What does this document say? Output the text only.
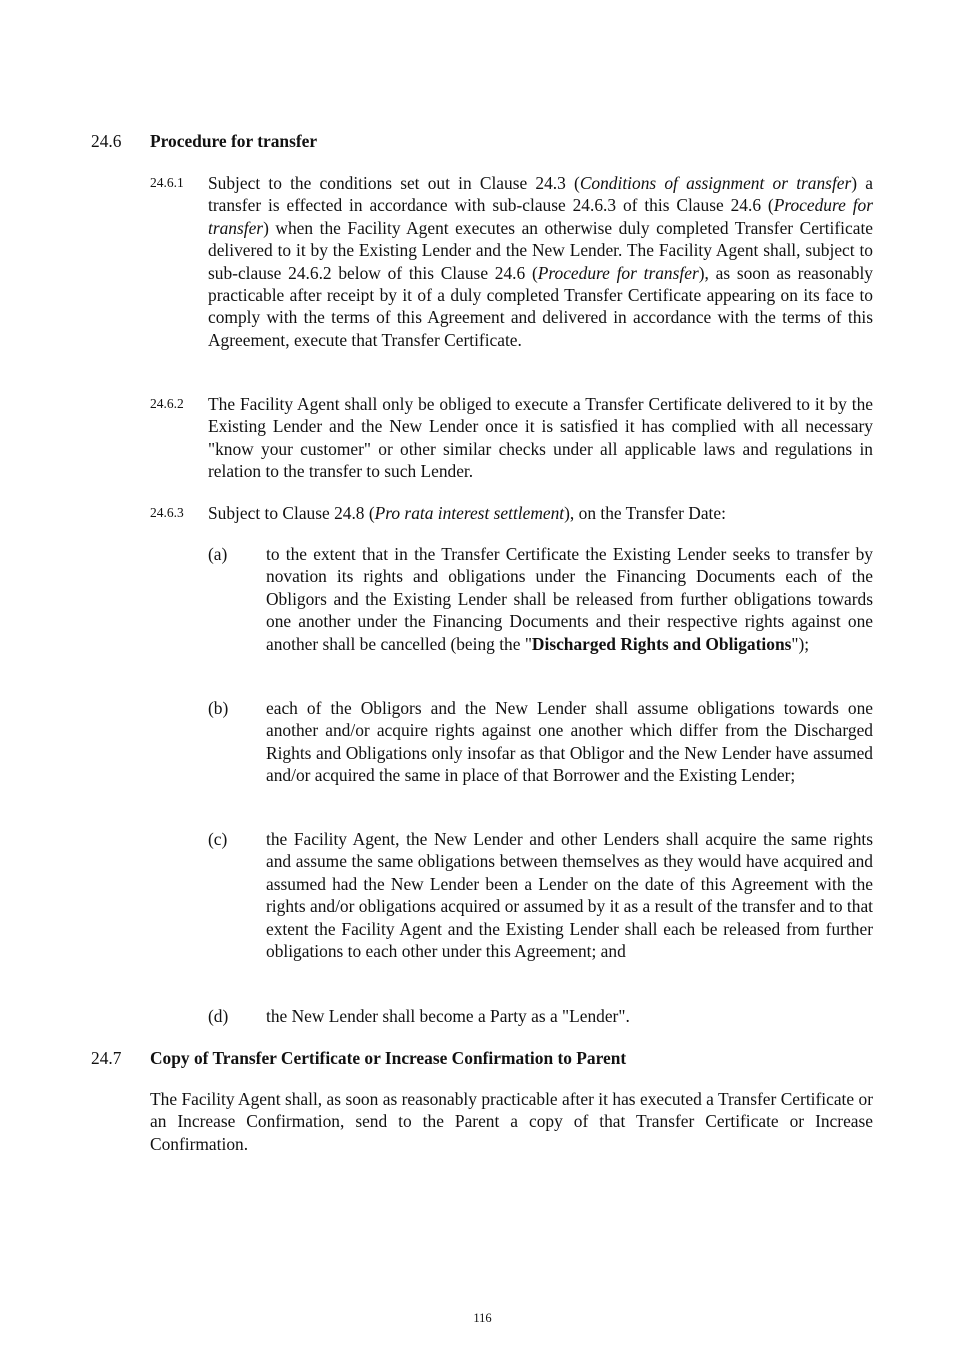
24.6	Procedure for transfer
24.6.1 Subject to the conditions set out in Clause 24.3 (Conditions of assignment or transfer) a transfer is effected in accordance with sub-clause 24.6.3 of this Clause 24.6 (Procedure for transfer) when the Facility Agent executes an otherwise duly completed Transfer Certificate delivered to it by the Existing Lender and the New Lender. The Facility Agent shall, subject to sub-clause 24.6.2 below of this Clause 24.6 (Procedure for transfer), as soon as reasonably practicable after receipt by it of a duly completed Transfer Certificate appearing on its face to comply with the terms of this Agreement and delivered in accordance with the terms of this Agreement, execute that Transfer Certificate.
24.6.2 The Facility Agent shall only be obliged to execute a Transfer Certificate delivered to it by the Existing Lender and the New Lender once it is satisfied it has complied with all necessary "know your customer" or other similar checks under all applicable laws and regulations in relation to the transfer to such Lender.
24.6.3 Subject to Clause 24.8 (Pro rata interest settlement), on the Transfer Date:
(a) to the extent that in the Transfer Certificate the Existing Lender seeks to transfer by novation its rights and obligations under the Financing Documents each of the Obligors and the Existing Lender shall be released from further obligations towards one another under the Financing Documents and their respective rights against one another shall be cancelled (being the "Discharged Rights and Obligations");
(b) each of the Obligors and the New Lender shall assume obligations towards one another and/or acquire rights against one another which differ from the Discharged Rights and Obligations only insofar as that Obligor and the New Lender have assumed and/or acquired the same in place of that Borrower and the Existing Lender;
(c) the Facility Agent, the New Lender and other Lenders shall acquire the same rights and assume the same obligations between themselves as they would have acquired and assumed had the New Lender been a Lender on the date of this Agreement with the rights and/or obligations acquired or assumed by it as a result of the transfer and to that extent the Facility Agent and the Existing Lender shall each be released from further obligations to each other under this Agreement; and
(d) the New Lender shall become a Party as a "Lender".
24.7	Copy of Transfer Certificate or Increase Confirmation to Parent
The Facility Agent shall, as soon as reasonably practicable after it has executed a Transfer Certificate or an Increase Confirmation, send to the Parent a copy of that Transfer Certificate or Increase Confirmation.
116
